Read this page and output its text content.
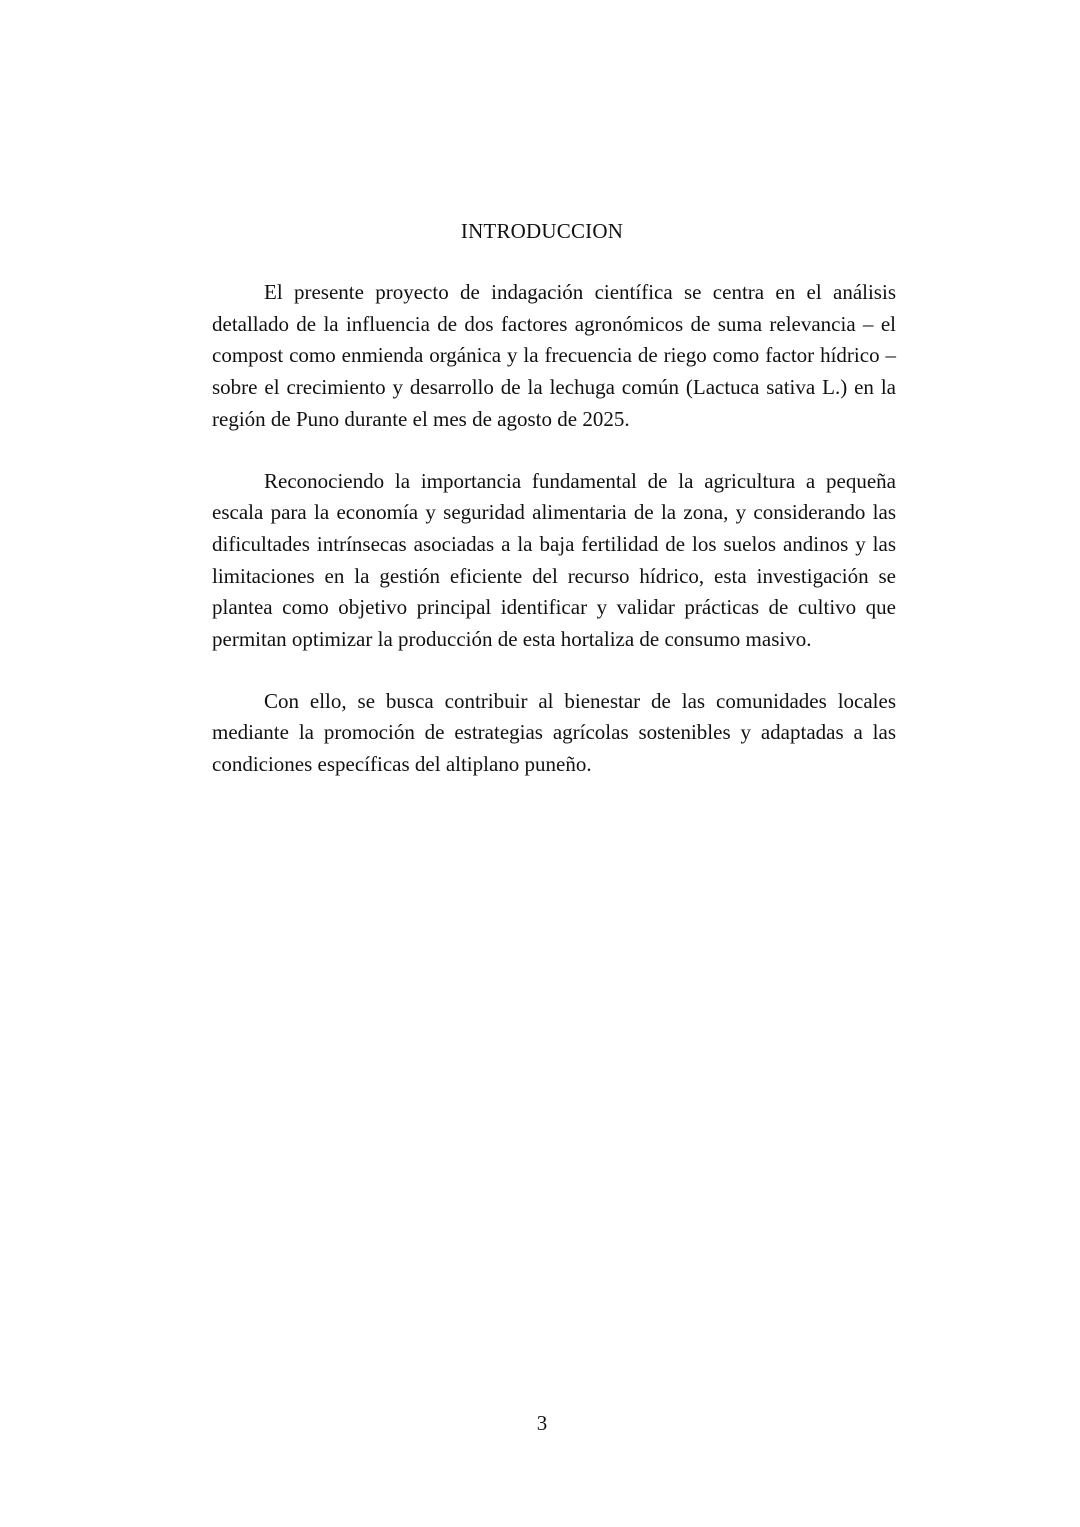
INTRODUCCION

El presente proyecto de indagación científica se centra en el análisis detallado de la influencia de dos factores agronómicos de suma relevancia – el compost como enmienda orgánica y la frecuencia de riego como factor hídrico – sobre el crecimiento y desarrollo de la lechuga común (Lactuca sativa L.) en la región de Puno durante el mes de agosto de 2025.

Reconociendo la importancia fundamental de la agricultura a pequeña escala para la economía y seguridad alimentaria de la zona, y considerando las dificultades intrínsecas asociadas a la baja fertilidad de los suelos andinos y las limitaciones en la gestión eficiente del recurso hídrico, esta investigación se plantea como objetivo principal identificar y validar prácticas de cultivo que permitan optimizar la producción de esta hortaliza de consumo masivo.

Con ello, se busca contribuir al bienestar de las comunidades locales mediante la promoción de estrategias agrícolas sostenibles y adaptadas a las condiciones específicas del altiplano puneño.

3
